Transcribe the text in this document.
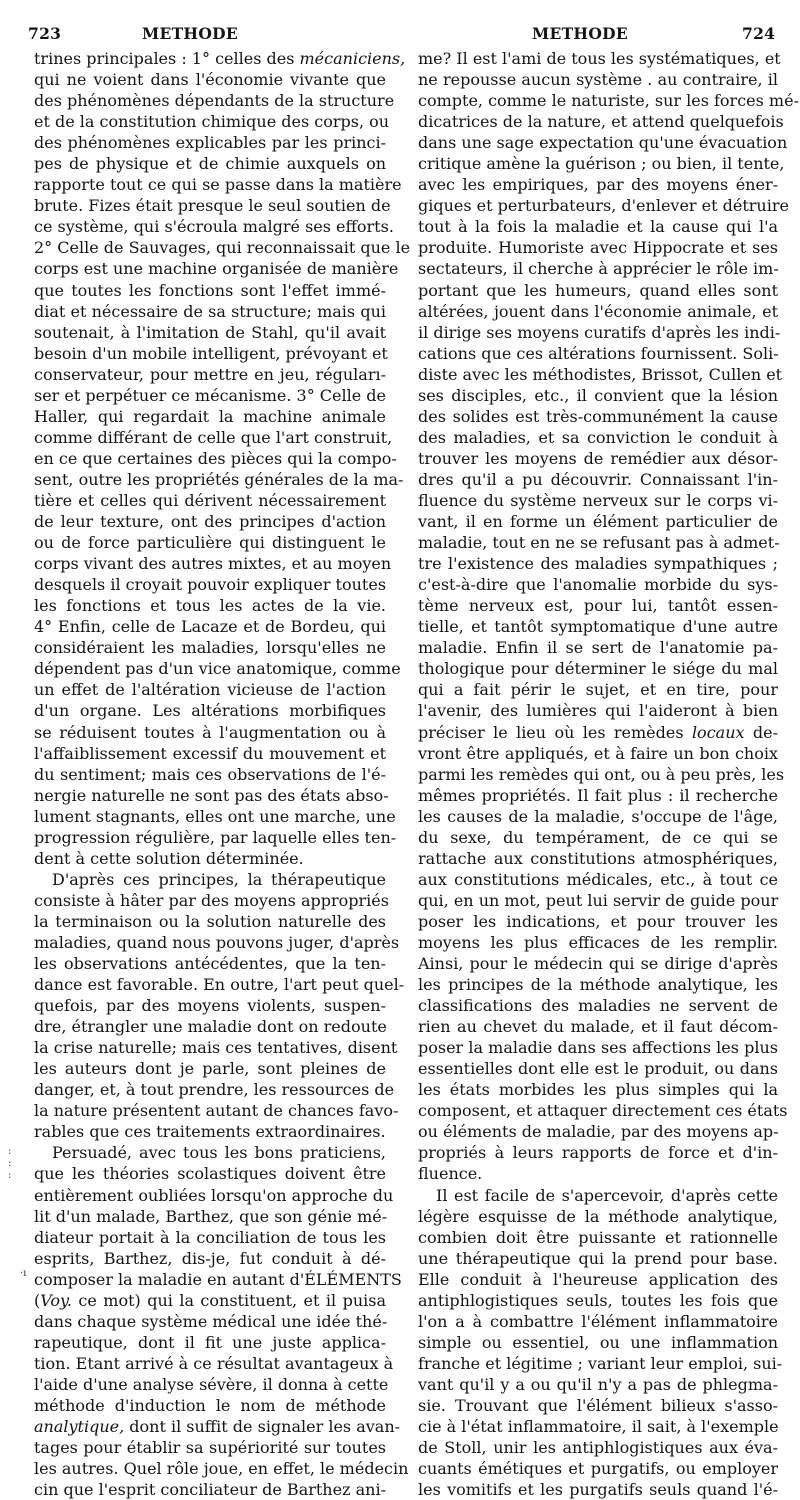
723	METHODE	METHODE	724
trines principales : 1° celles des mécaniciens,
qui ne voient dans l'économie vivante que
des phénomènes dépendants de la structure
et de la constitution chimique des corps, ou
des phénomènes explicables par les princi-
pes de physique et de chimie auxquels on
rapporte tout ce qui se passe dans la matière
brute. Fizes était presque le seul soutien de
ce système, qui s'écroula malgré ses efforts.
2° Celle de Sauvages, qui reconnaissait que le
corps est une machine organisée de manière
que toutes les fonctions sont l'effet immé-
diat et nécessaire de sa structure; mais qui
soutenait, à l'imitation de Stahl, qu'il avait
besoin d'un mobile intelligent, prévoyant et
conservateur, pour mettre en jeu, réguları-
ser et perpétuer ce mécanisme. 3° Celle de
Haller, qui regardait la machine animale
comme différant de celle que l'art construit,
en ce que certaines des pièces qui la compo-
sent, outre les propriétés générales de la ma-
tière et celles qui dérivent nécessairement
de leur texture, ont des principes d'action
ou de force particulière qui distinguent le
corps vivant des autres mixtes, et au moyen
desquels il croyait pouvoir expliquer toutes
les fonctions et tous les actes de la vie.
4° Enfin, celle de Lacaze et de Bordeu, qui
considéraient les maladies, lorsqu'elles ne
dépendent pas d'un vice anatomique, comme
un effet de l'altération vicieuse de l'action
d'un organe. Les altérations morbifiques
se réduisent toutes à l'augmentation ou à
l'affaiblissement excessif du mouvement et
du sentiment; mais ces observations de l'é-
nergie naturelle ne sont pas des états abso-
lument stagnants, elles ont une marche, une
progression régulière, par laquelle elles ten-
dent à cette solution déterminée.
D'après ces principes, la thérapeutique
consiste à hâter par des moyens appropriés
la terminaison ou la solution naturelle des
maladies, quand nous pouvons juger, d'après
les observations antécédentes, que la ten-
dance est favorable. En outre, l'art peut quel-
quefois, par des moyens violents, suspen-
dre, étrangler une maladie dont on redoute
la crise naturelle; mais ces tentatives, disent
les auteurs dont je parle, sont pleines de
danger, et, à tout prendre, les ressources de
la nature présentent autant de chances favo-
rables que ces traitements extraordinaires.
Persuadé, avec tous les bons praticiens,
que les théories scolastiques doivent être
entièrement oubliées lorsqu'on approche du
lit d'un malade, Barthez, que son génie mé-
diateur portait à la conciliation de tous les
esprits, Barthez, dis-je, fut conduit à dé-
composer la maladie en autant d'ÉLÉMENTS
(Voy. ce mot) qui la constituent, et il puisa
dans chaque système médical une idée thé-
rapeutique, dont il fit une juste applica-
tion. Etant arrivé à ce résultat avantageux à
l'aide d'une analyse sévère, il donna à cette
méthode d'induction le nom de méthode
analytique, dont il suffit de signaler les avan-
tages pour établir sa supériorité sur toutes
les autres. Quel rôle joue, en effet, le médecin
cin que l'esprit conciliateur de Barthez ani-
me? Il est l'ami de tous les systématiques, et
ne repousse aucun système . au contraire, il
compte, comme le naturiste, sur les forces mé-
dicatrices de la nature, et attend quelquefois
dans une sage expectation qu'une évacuation
critique amène la guérison ; ou bien, il tente,
avec les empiriques, par des moyens éner-
giques et perturbateurs, d'enlever et détruire
tout à la fois la maladie et la cause qui l'a
produite. Humoriste avec Hippocrate et ses
sectateurs, il cherche à apprécier le rôle im-
portant que les humeurs, quand elles sont
altérées, jouent dans l'économie animale, et
il dirige ses moyens curatifs d'après les indi-
cations que ces altérations fournissent. Soli-
diste avec les méthodistes, Brissot, Cullen et
ses disciples, etc., il convient que la lésion
des solides est très-communément la cause
des maladies, et sa conviction le conduit à
trouver les moyens de remédier aux désor-
dres qu'il a pu découvrir. Connaissant l'in-
fluence du système nerveux sur le corps vi-
vant, il en forme un élément particulier de
maladie, tout en ne se refusant pas à admet-
tre l'existence des maladies sympathiques ;
c'est-à-dire que l'anomalie morbide du sys-
tème nerveux est, pour lui, tantôt essen-
tielle, et tantôt symptomatique d'une autre
maladie. Enfin il se sert de l'anatomie pa-
thologique pour déterminer le siége du mal
qui a fait périr le sujet, et en tire, pour
l'avenir, des lumières qui l'aideront à bien
préciser le lieu où les remèdes locaux de-
vront être appliqués, et à faire un bon choix
parmi les remèdes qui ont, ou à peu près, les
mêmes propriétés. Il fait plus : il recherche
les causes de la maladie, s'occupe de l'âge,
du sexe, du tempérament, de ce qui se
rattache aux constitutions atmosphériques,
aux constitutions médicales, etc., à tout ce
qui, en un mot, peut lui servir de guide pour
poser les indications, et pour trouver les
moyens les plus efficaces de les remplir.
Ainsi, pour le médecin qui se dirige d'après
les principes de la méthode analytique, les
classifications des maladies ne servent de
rien au chevet du malade, et il faut décom-
poser la maladie dans ses affections les plus
essentielles dont elle est le produit, ou dans
les états morbides les plus simples qui la
composent, et attaquer directement ces états
ou éléments de maladie, par des moyens ap-
propriés à leurs rapports de force et d'in-
fluence.
Il est facile de s'apercevoir, d'après cette
légère esquisse de la méthode analytique,
combien doit être puissante et rationnelle
une thérapeutique qui la prend pour base.
Elle conduit à l'heureuse application des
antiphlogistiques seuls, toutes les fois que
l'on a à combattre l'élément inflammatoire
simple ou essentiel, ou une inflammation
franche et légitime ; variant leur emploi, sui-
vant qu'il y a ou qu'il n'y a pas de phlegma-
sie. Trouvant que l'élément bilieux s'asso-
cie à l'état inflammatoire, il sait, à l'exemple
de Stoll, unir les antiphlogistiques aux éva-
cuants émétiques et purgatifs, ou employer
les vomitifs et les purgatifs seuls quand l'é-
:
:
:
·ı
